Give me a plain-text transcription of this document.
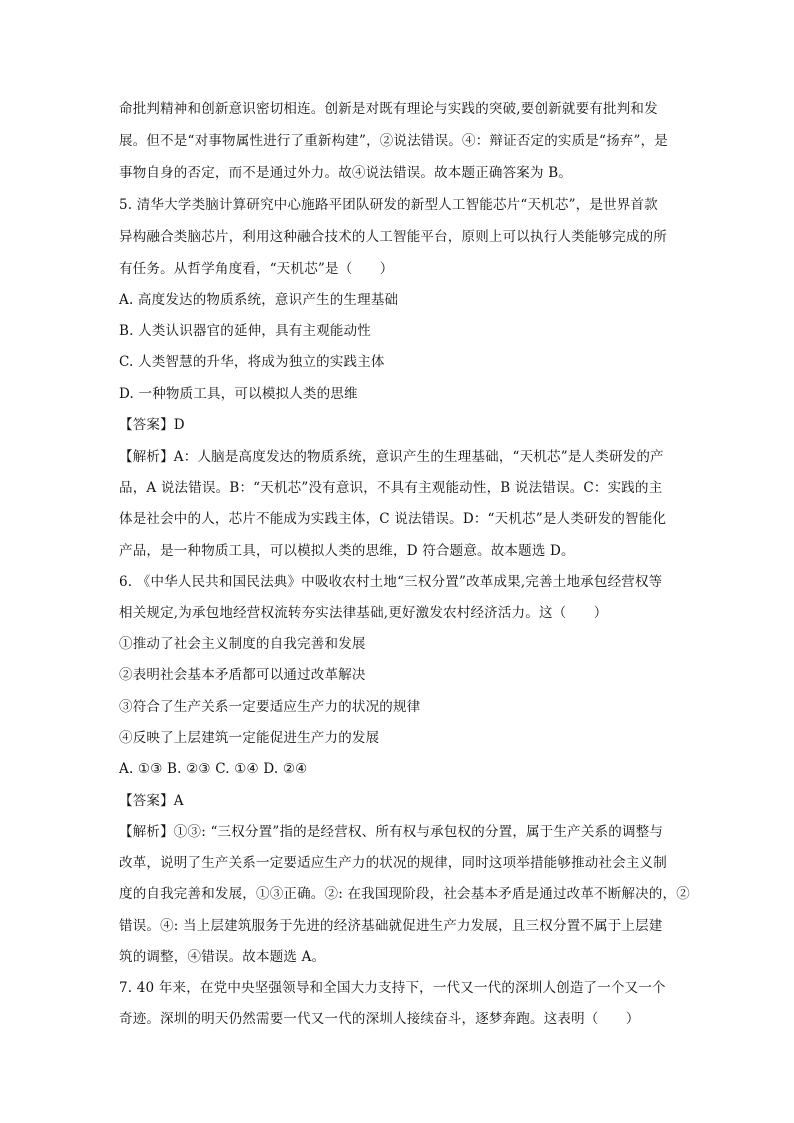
命批判精神和创新意识密切相连。创新是对既有理论与实践的突破,要创新就要有批判和发
展。但不是“对事物属性进行了重新构建”，②说法错误。④：辩证否定的实质是“扬弃”，是
事物自身的否定，而不是通过外力。故④说法错误。故本题正确答案为 B。
5. 清华大学类脑计算研究中心施路平团队研发的新型人工智能芯片“天机芯”，是世界首款
异构融合类脑芯片，利用这种融合技术的人工智能平台，原则上可以执行人类能够完成的所
有任务。从哲学角度看，“天机芯”是（　　）
A. 高度发达的物质系统，意识产生的生理基础
B. 人类认识器官的延伸，具有主观能动性
C. 人类智慧的升华，将成为独立的实践主体
D. 一种物质工具，可以模拟人类的思维
【答案】D
【解析】A：人脑是高度发达的物质系统，意识产生的生理基础，“天机芯”是人类研发的产
品，A 说法错误。B：“天机芯”没有意识，不具有主观能动性，B 说法错误。C：实践的主
体是社会中的人，芯片不能成为实践主体，C 说法错误。D：“天机芯”是人类研发的智能化
产品，是一种物质工具，可以模拟人类的思维，D 符合题意。故本题选 D。
6. 《中华人民共和国民法典》中吸收农村土地“三权分置”改革成果,完善土地承包经营权等
相关规定,为承包地经营权流转夯实法律基础,更好激发农村经济活力。这（　　）
①推动了社会主义制度的自我完善和发展
②表明社会基本矛盾都可以通过改革解决
③符合了生产关系一定要适应生产力的状况的规律
④反映了上层建筑一定能促进生产力的发展
A. ①③ B. ②③ C. ①④ D. ②④
【答案】A
【解析】①③: “三权分置”指的是经营权、所有权与承包权的分置，属于生产关系的调整与
改革，说明了生产关系一定要适应生产力的状况的规律，同时这项举措能够推动社会主义制
度的自我完善和发展，①③正确。②: 在我国现阶段，社会基本矛盾是通过改革不断解决的，②
错误。④: 当上层建筑服务于先进的经济基础就促进生产力发展，且三权分置不属于上层建
筑的调整，④错误。故本题选 A。
7. 40 年来，在党中央坚强领导和全国大力支持下，一代又一代的深圳人创造了一个又一个
奇迹。深圳的明天仍然需要一代又一代的深圳人接续奋斗，逐梦奔跑。这表明（　　）
